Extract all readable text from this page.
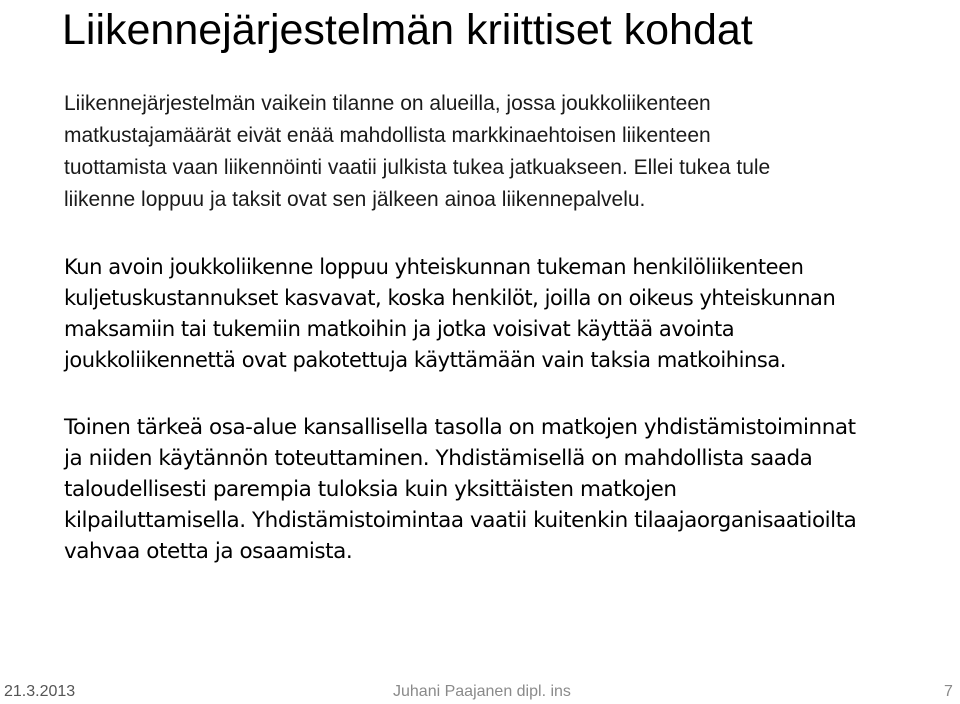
Liikennejärjestelmän kriittiset kohdat

Liikennejärjestelmän vaikein tilanne on alueilla, jossa joukkoliikenteen
matkustajamäärät eivät enää mahdollista markkinaehtoisen liikenteen
tuottamista vaan liikennöinti vaatii julkista tukea jatkuakseen. Ellei tukea tule
liikenne loppuu ja taksit ovat sen jälkeen ainoa liikennepalvelu.

Kun avoin joukkoliikenne loppuu yhteiskunnan tukeman henkilöliikenteen
kuljetuskustannukset kasvavat, koska henkilöt, joilla on oikeus yhteiskunnan
maksamiin tai tukemiin matkoihin ja jotka voisivat käyttää avointa
joukkoliikennettä ovat pakotettuja käyttämään vain taksia matkoihinsa.

Toinen tärkeä osa-alue kansallisella tasolla on matkojen yhdistämistoiminnat
ja niiden käytännön toteuttaminen. Yhdistämisellä on mahdollista saada
taloudellisesti parempia tuloksia kuin yksittäisten matkojen
kilpailuttamisella. Yhdistämistoimintaa vaatii kuitenkin tilaajaorganisaatioilta
vahvaa otetta ja osaamista.

21.3.2013	Juhani Paajanen dipl. ins	7
